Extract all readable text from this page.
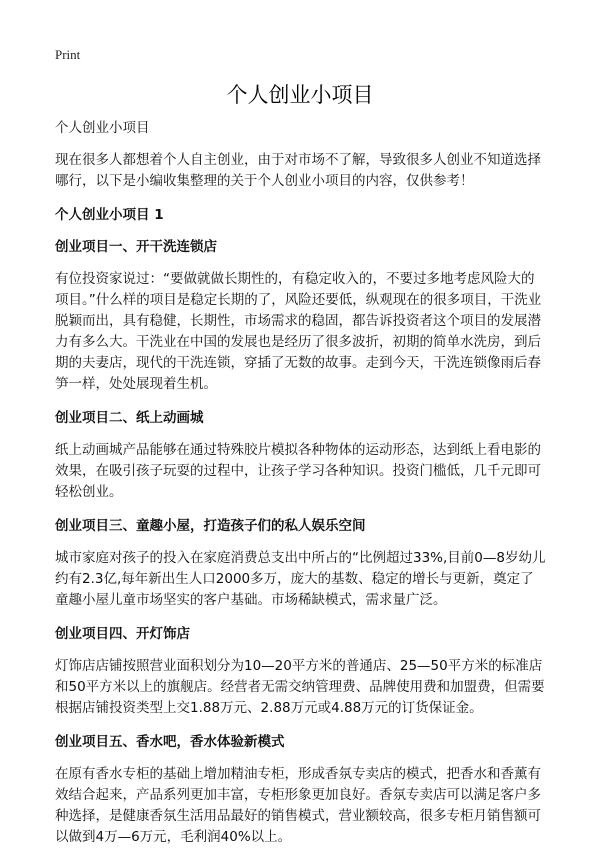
Print
个人创业小项目
个人创业小项目

现在很多人都想着个人自主创业，由于对市场不了解，导致很多人创业不知道选择哪行，以下是小编收集整理的关于个人创业小项目的内容，仅供参考！

个人创业小项目 1
创业项目一、开干洗连锁店

有位投资家说过：“要做就做长期性的，有稳定收入的，不要过多地考虑风险大的项目。”什么样的项目是稳定长期的了，风险还要低，纵观现在的很多项目，干洗业脱颖而出，具有稳健，长期性，市场需求的稳固，都告诉投资者这个项目的发展潜力有多么大。干洗业在中国的发展也是经历了很多波折，初期的简单水洗房，到后期的夫妻店，现代的干洗连锁，穿插了无数的故事。走到今天，干洗连锁像雨后春笋一样，处处展现着生机。

创业项目二、纸上动画城

纸上动画城产品能够在通过特殊胶片模拟各种物体的运动形态，达到纸上看电影的效果，在吸引孩子玩耍的过程中，让孩子学习各种知识。投资门槛低，几千元即可轻松创业。

创业项目三、童趣小屋，打造孩子们的私人娱乐空间

城市家庭对孩子的投入在家庭消费总支出中所占的“比例超过33%,目前0—8岁幼儿约有2.3亿,每年新出生人口2000多万，庞大的基数、稳定的增长与更新，奠定了童趣小屋儿童市场坚实的客户基础。市场稀缺模式，需求量广泛。

创业项目四、开灯饰店

灯饰店店铺按照营业面积划分为10—20平方米的普通店、25—50平方米的标准店和50平方米以上的旗舰店。经营者无需交纳管理费、品牌使用费和加盟费，但需要根据店铺投资类型上交1.88万元、2.88万元或4.88万元的订货保证金。

创业项目五、香水吧，香水体验新模式

在原有香水专柜的基础上增加精油专柜，形成香氛专卖店的模式，把香水和香薰有效结合起来，产品系列更加丰富，专柜形象更加良好。香氛专卖店可以满足客户多种选择，是健康香氛生活用品最好的销售模式，营业额较高，很多专柜月销售额可以做到4万—6万元，毛利润40%以上。
